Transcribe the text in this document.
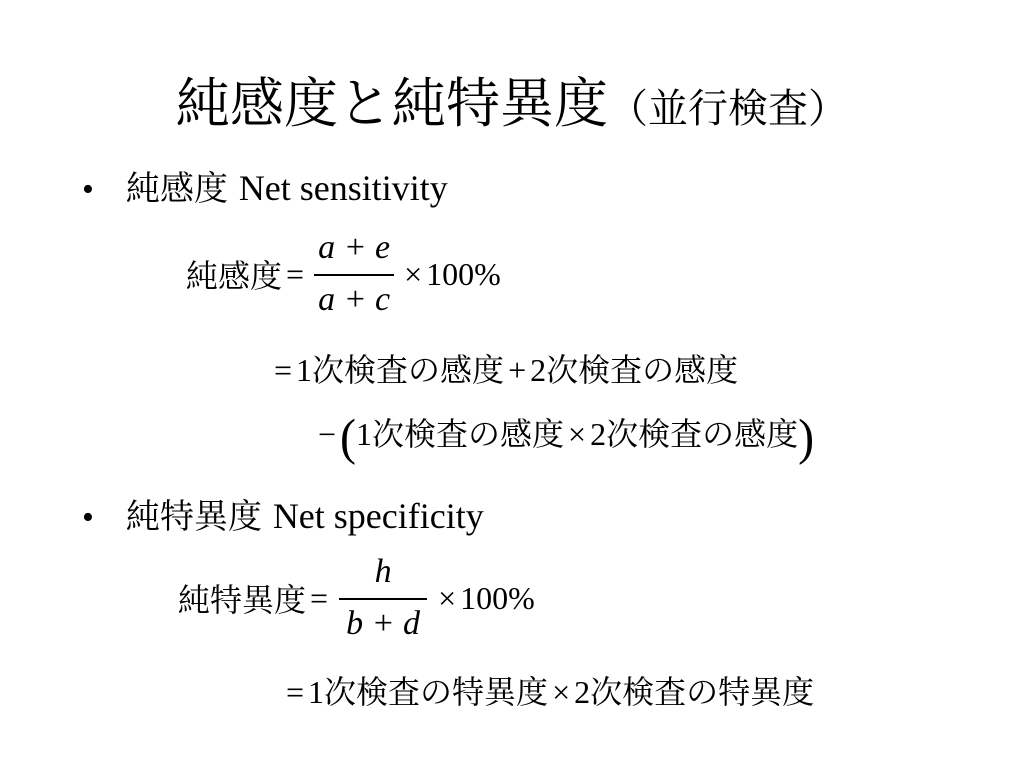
純感度と純特異度（並行検査）
• 純感度 Net sensitivity
純感度 = $\frac{a + e}{a + c} \times 100\%$
= 1次検査の感度 + 2次検査の感度
−(1次検査の感度 × 2次検査の感度)
• 純特異度 Net specificity
純特異度 = $\frac{h}{b + d} \times 100\%$
= 1次検査の特異度 × 2次検査の特異度
